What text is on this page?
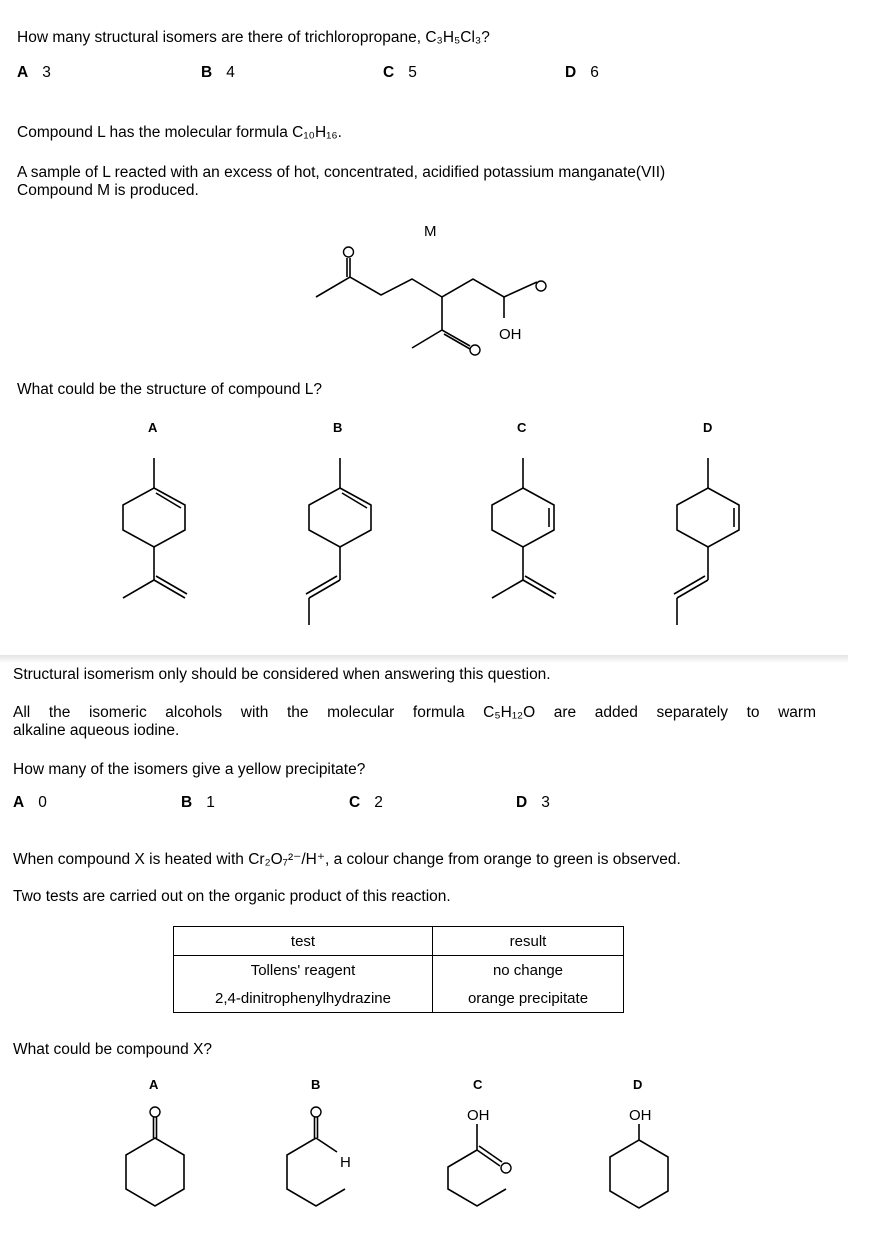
How many structural isomers are there of trichloropropane, C₃H₅Cl₃?
A 3	B 4	C 5	D 6
Compound L has the molecular formula C₁₀H₁₆.
A sample of L reacted with an excess of hot, concentrated, acidified potassium manganate(VII)
Compound M is produced.
M
OH
What could be the structure of compound L?
A	B	C	D
Structural isomerism only should be considered when answering this question.
All the isomeric alcohols with the molecular formula C₅H₁₂O are added separately to warm
alkaline aqueous iodine.
How many of the isomers give a yellow precipitate?
A 0	B 1	C 2	D 3
When compound X is heated with Cr₂O₇²⁻/H⁺, a colour change from orange to green is observed.
Two tests are carried out on the organic product of this reaction.
test	result
Tollens' reagent	no change
2,4-dinitrophenylhydrazine	orange precipitate
What could be compound X?
A	B	C	D
H
OH	OH
